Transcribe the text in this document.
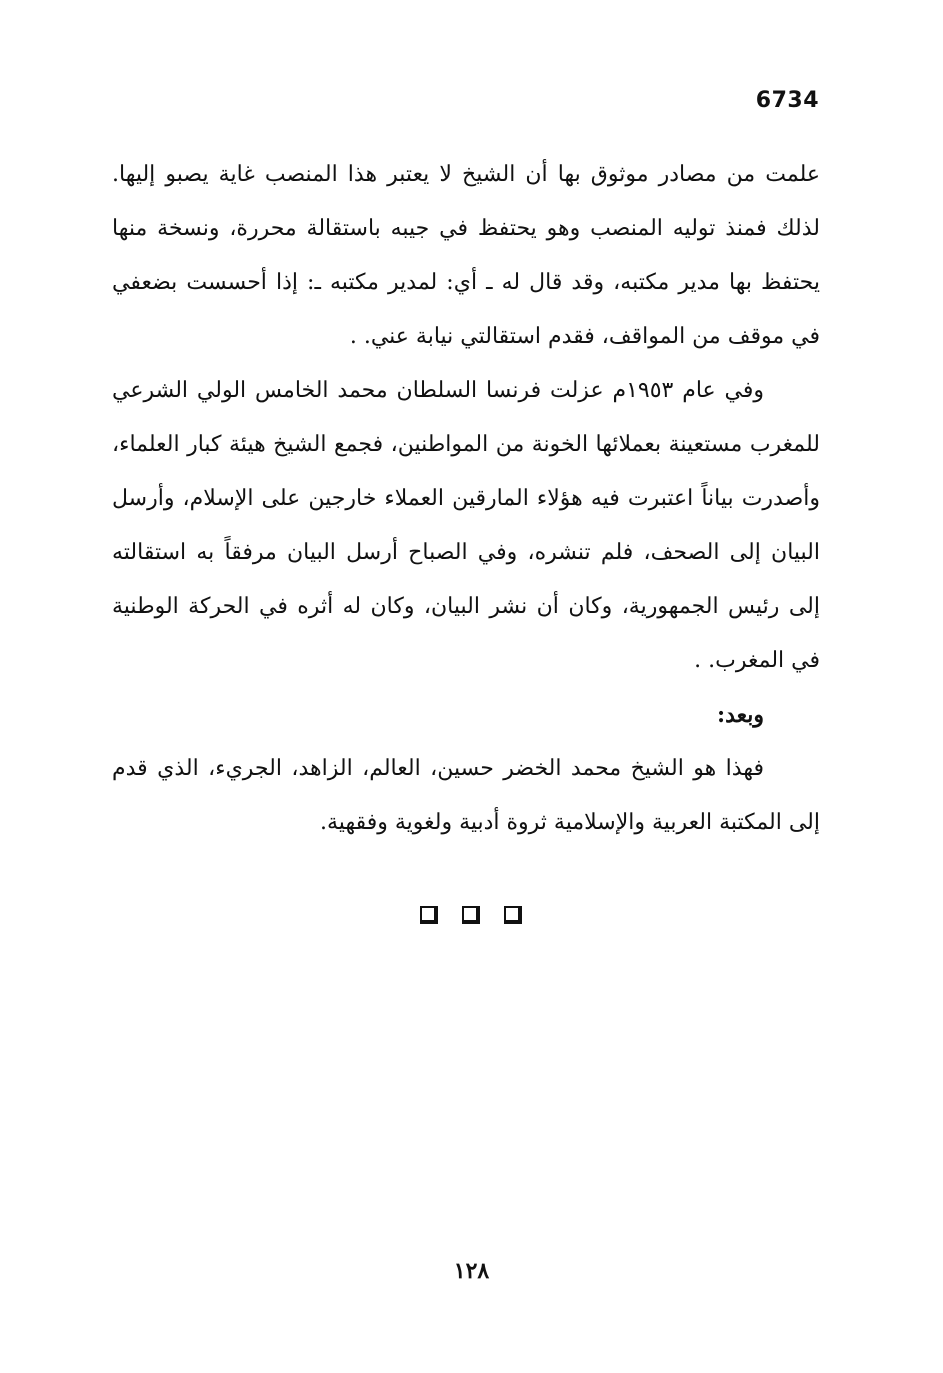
6734

علمت من مصادر موثوق بها أن الشيخ لا يعتبر هذا المنصب غاية يصبو إليها. لذلك فمنذ توليه المنصب وهو يحتفظ في جيبه باستقالة محررة، ونسخة منها يحتفظ بها مدير مكتبه، وقد قال له ـ أي: لمدير مكتبه ـ: إذا أحسست بضعفي في موقف من المواقف، فقدم استقالتي نيابة عني. .

وفي عام ١٩٥٣م عزلت فرنسا السلطان محمد الخامس الولي الشرعي للمغرب مستعينة بعملائها الخونة من المواطنين، فجمع الشيخ هيئة كبار العلماء، وأصدرت بياناً اعتبرت فيه هؤلاء المارقين العملاء خارجين على الإسلام، وأرسل البيان إلى الصحف، فلم تنشره، وفي الصباح أرسل البيان مرفقاً به استقالته إلى رئيس الجمهورية، وكان أن نشر البيان، وكان له أثره في الحركة الوطنية في المغرب. .

وبعد:

فهذا هو الشيخ محمد الخضر حسين، العالم، الزاهد، الجريء، الذي قدم إلى المكتبة العربية والإسلامية ثروة أدبية ولغوية وفقهية.

١٢٨
